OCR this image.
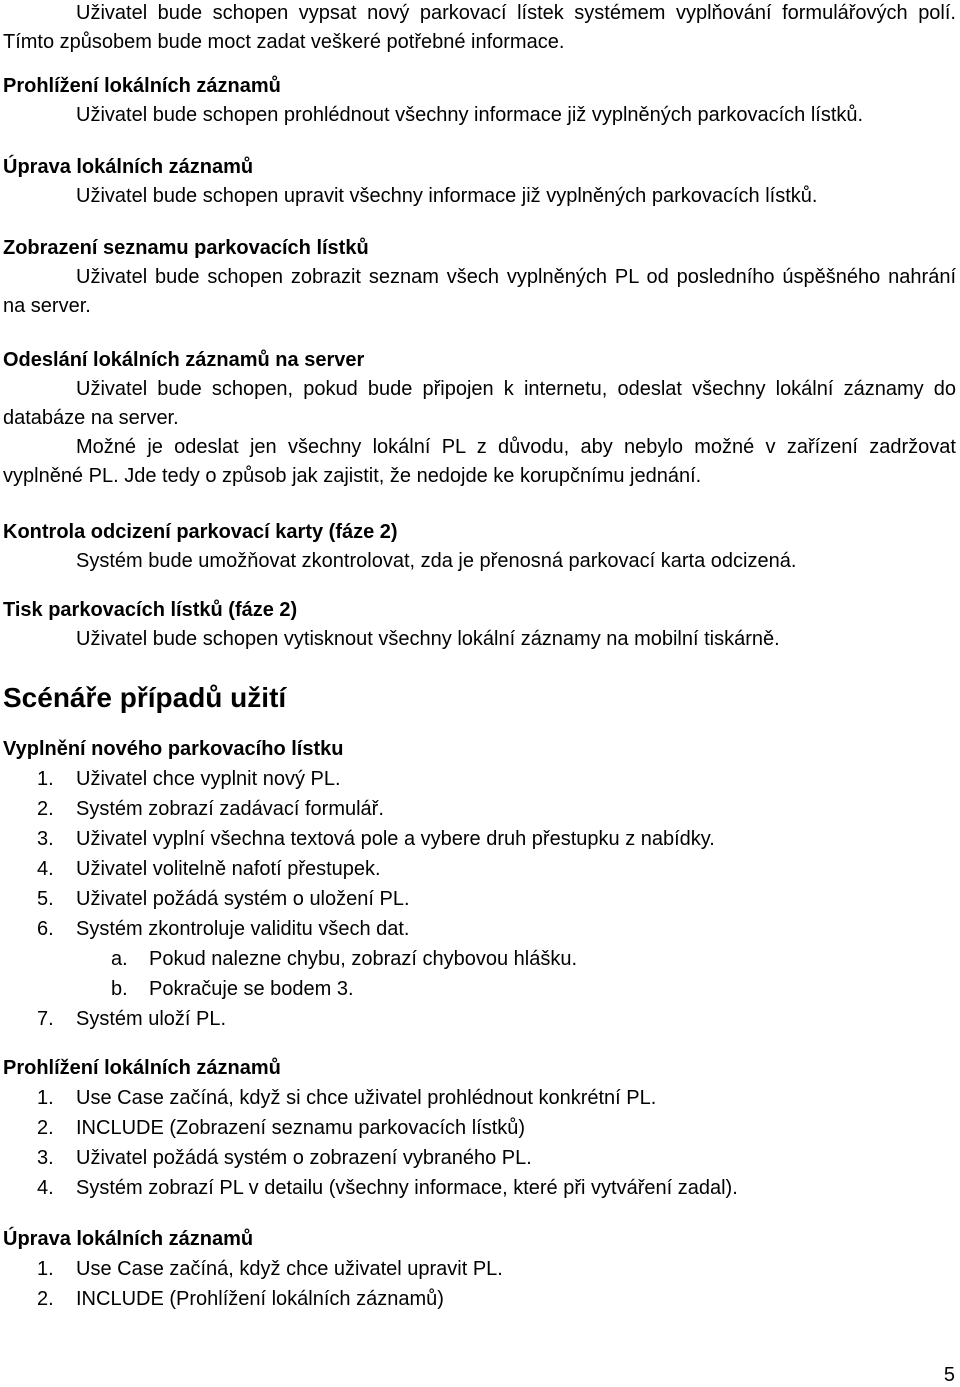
Uživatel bude schopen vypsat nový parkovací lístek systémem vyplňování formulářových polí. Tímto způsobem bude moct zadat veškeré potřebné informace.

Prohlížení lokálních záznamů

Uživatel bude schopen prohlédnout všechny informace již vyplněných parkovacích lístků.

Úprava lokálních záznamů

Uživatel bude schopen upravit všechny informace již vyplněných parkovacích lístků.

Zobrazení seznamu parkovacích lístků

Uživatel bude schopen zobrazit seznam všech vyplněných PL od posledního úspěšného nahrání na server.

Odeslání lokálních záznamů na server

Uživatel bude schopen, pokud bude připojen k internetu, odeslat všechny lokální záznamy do databáze na server.

Možné je odeslat jen všechny lokální PL z důvodu, aby nebylo možné v zařízení zadržovat vyplněné PL. Jde tedy o způsob jak zajistit, že nedojde ke korupčnímu jednání.

Kontrola odcizení parkovací karty (fáze 2)

Systém bude umožňovat zkontrolovat, zda je přenosná parkovací karta odcizená.

Tisk parkovacích lístků (fáze 2)

Uživatel bude schopen vytisknout všechny lokální záznamy na mobilní tiskárně.

Scénáře případů užití

Vyplnění nového parkovacího lístku

1. Uživatel chce vyplnit nový PL.
2. Systém zobrazí zadávací formulář.
3. Uživatel vyplní všechna textová pole a vybere druh přestupku z nabídky.
4. Uživatel volitelně nafotí přestupek.
5. Uživatel požádá systém o uložení PL.
6. Systém zkontroluje validitu všech dat.
a. Pokud nalezne chybu, zobrazí chybovou hlášku.
b. Pokračuje se bodem 3.
7. Systém uloží PL.

Prohlížení lokálních záznamů

1. Use Case začíná, když si chce uživatel prohlédnout konkrétní PL.
2. INCLUDE (Zobrazení seznamu parkovacích lístků)
3. Uživatel požádá systém o zobrazení vybraného PL.
4. Systém zobrazí PL v detailu (všechny informace, které při vytváření zadal).

Úprava lokálních záznamů

1. Use Case začíná, když chce uživatel upravit PL.
2. INCLUDE (Prohlížení lokálních záznamů)
5
